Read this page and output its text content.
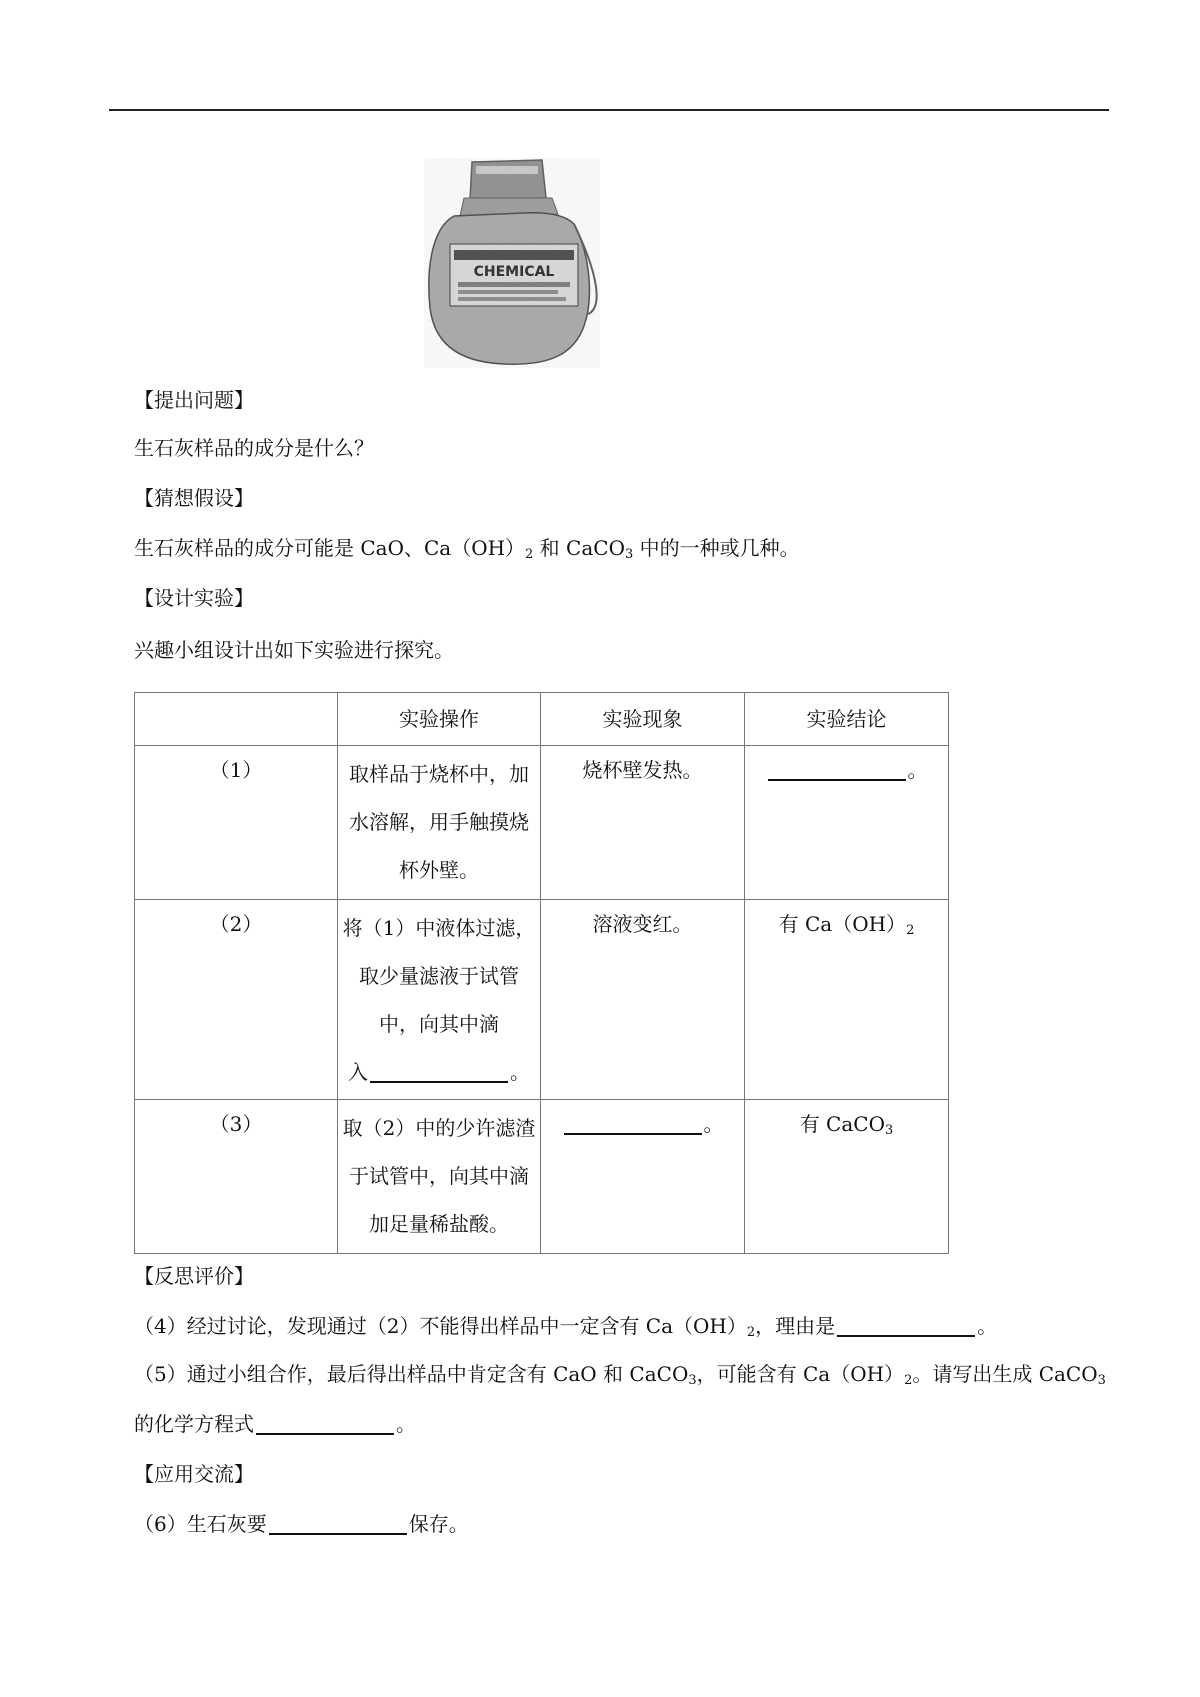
【提出问题】
生石灰样品的成分是什么？
【猜想假设】
生石灰样品的成分可能是 CaO、$Ca(OH)_2$ 和 CaCO$_3$ 中的一种或几种。
【设计实验】
兴趣小组设计出如下实验进行探究。
	实验操作	实验现象	实验结论

（1）	取样品于烧杯中，加
水溶解，用手触摸烧
杯外壁。	烧杯壁发热。	。

（2）	将（1）中液体过滤，
取少量滤液于试管
中，向其中滴
入 。	溶液变红。	有 $Ca(OH)_2$

（3）	取（2）中的少许滤渣
于试管中，向其中滴
加足量稀盐酸。	。	有 CaCO$_3$
【反思评价】
（4）经过讨论，发现通过（2）不能得出样品中一定含有 $Ca(OH)_2$，理由是	。
（5）通过小组合作，最后得出样品中肯定含有 CaO 和 CaCO$_3$，可能含有 $Ca(OH)_2$。请写出生成 CaCO$_3$
的化学方程式	。
【应用交流】
（6）生石灰要	保存。
